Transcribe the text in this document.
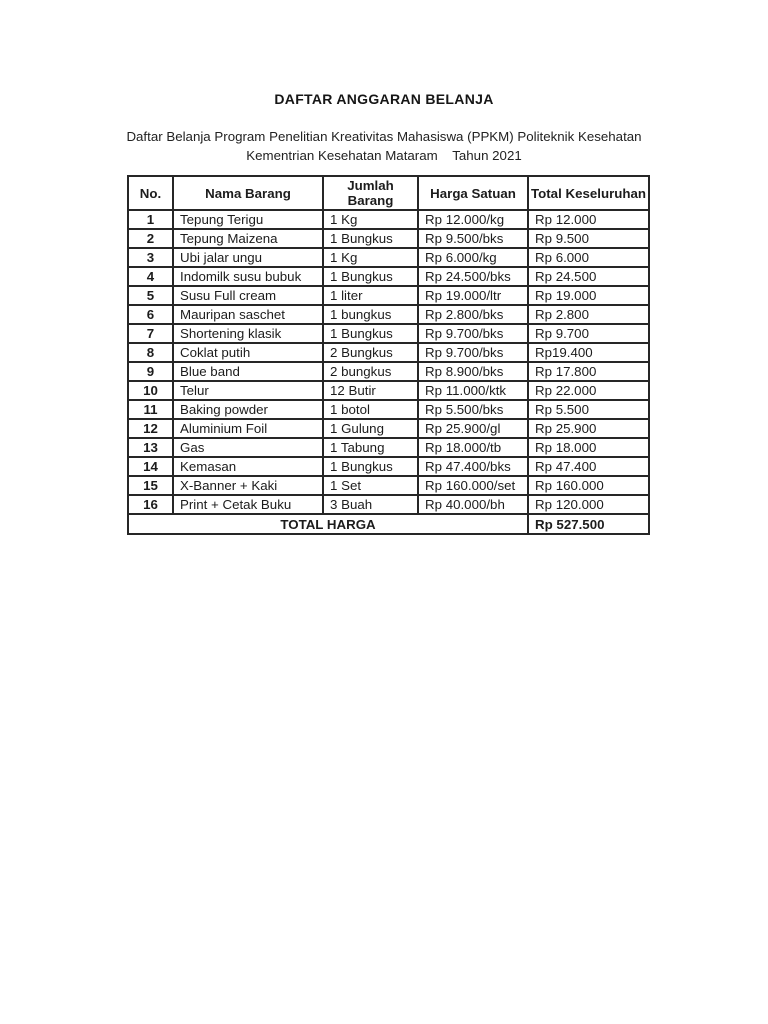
DAFTAR ANGGARAN BELANJA
Daftar Belanja Program Penelitian Kreativitas Mahasiswa (PPKM) Politeknik Kesehatan
Kementrian Kesehatan Mataram    Tahun 2021
No.	Nama Barang	Jumlah Barang	Harga Satuan	Total Keseluruhan
1	Tepung Terigu	1 Kg	Rp 12.000/kg	Rp 12.000
2	Tepung Maizena	1 Bungkus	Rp 9.500/bks	Rp 9.500
3	Ubi jalar ungu	1 Kg	Rp 6.000/kg	Rp 6.000
4	Indomilk susu bubuk	1 Bungkus	Rp 24.500/bks	Rp 24.500
5	Susu Full cream	1 liter	Rp 19.000/ltr	Rp 19.000
6	Mauripan saschet	1 bungkus	Rp 2.800/bks	Rp 2.800
7	Shortening klasik	1 Bungkus	Rp 9.700/bks	Rp 9.700
8	Coklat putih	2 Bungkus	Rp 9.700/bks	Rp19.400
9	Blue band	2 bungkus	Rp 8.900/bks	Rp 17.800
10	Telur	12 Butir	Rp 11.000/ktk	Rp 22.000
11	Baking powder	1 botol	Rp 5.500/bks	Rp 5.500
12	Aluminium Foil	1 Gulung	Rp 25.900/gl	Rp 25.900
13	Gas	1 Tabung	Rp 18.000/tb	Rp 18.000
14	Kemasan	1 Bungkus	Rp 47.400/bks	Rp 47.400
15	X-Banner + Kaki	1 Set	Rp 160.000/set	Rp 160.000
16	Print + Cetak Buku	3 Buah	Rp 40.000/bh	Rp 120.000
TOTAL HARGA				Rp 527.500
